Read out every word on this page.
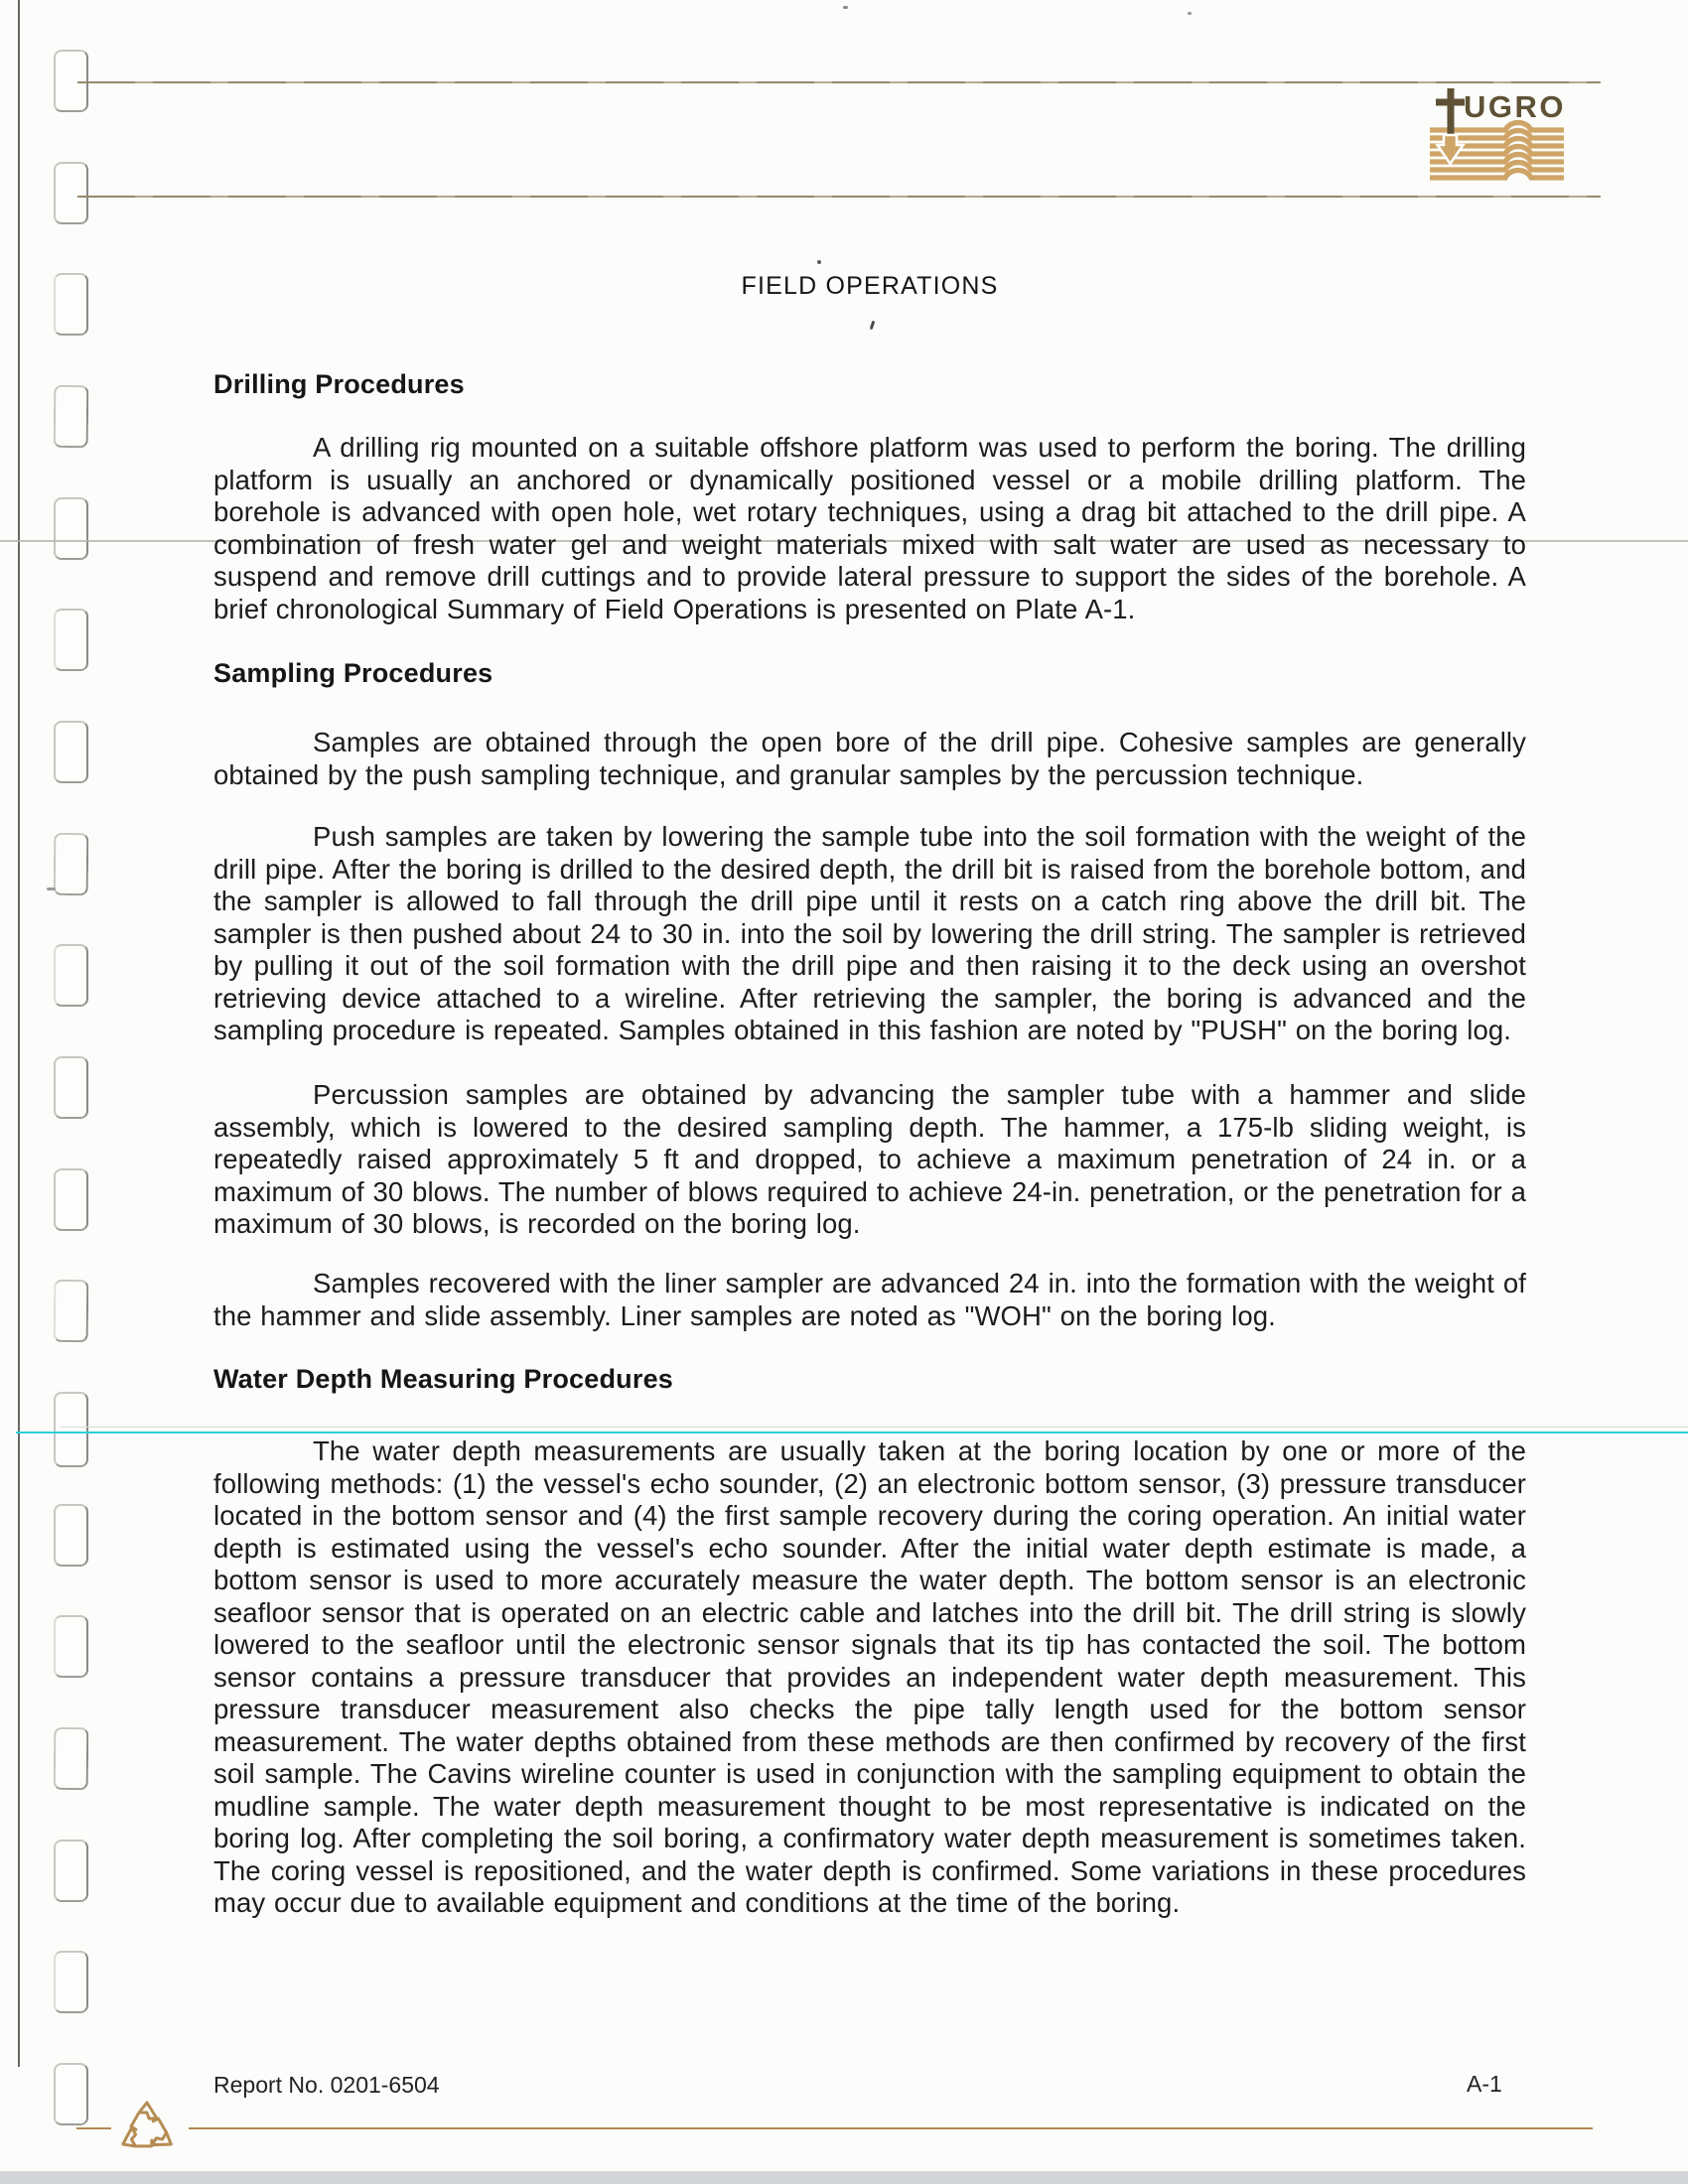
UGRO
FIELD OPERATIONS
Drilling Procedures
A drilling rig mounted on a suitable offshore platform was used to perform the boring. The drilling platform is usually an anchored or dynamically positioned vessel or a mobile drilling platform. The borehole is advanced with open hole, wet rotary techniques, using a drag bit attached to the drill pipe. A combination of fresh water gel and weight materials mixed with salt water are used as necessary to suspend and remove drill cuttings and to provide lateral pressure to support the sides of the borehole. A brief chronological Summary of Field Operations is presented on Plate A-1.
Sampling Procedures
Samples are obtained through the open bore of the drill pipe. Cohesive samples are generally obtained by the push sampling technique, and granular samples by the percussion technique.
Push samples are taken by lowering the sample tube into the soil formation with the weight of the drill pipe. After the boring is drilled to the desired depth, the drill bit is raised from the borehole bottom, and the sampler is allowed to fall through the drill pipe until it rests on a catch ring above the drill bit. The sampler is then pushed about 24 to 30 in. into the soil by lowering the drill string. The sampler is retrieved by pulling it out of the soil formation with the drill pipe and then raising it to the deck using an overshot retrieving device attached to a wireline. After retrieving the sampler, the boring is advanced and the sampling procedure is repeated. Samples obtained in this fashion are noted by "PUSH" on the boring log.
Percussion samples are obtained by advancing the sampler tube with a hammer and slide assembly, which is lowered to the desired sampling depth. The hammer, a 175-lb sliding weight, is repeatedly raised approximately 5 ft and dropped, to achieve a maximum penetration of 24 in. or a maximum of 30 blows. The number of blows required to achieve 24-in. penetration, or the penetration for a maximum of 30 blows, is recorded on the boring log.
Samples recovered with the liner sampler are advanced 24 in. into the formation with the weight of the hammer and slide assembly. Liner samples are noted as "WOH" on the boring log.
Water Depth Measuring Procedures
The water depth measurements are usually taken at the boring location by one or more of the following methods: (1) the vessel's echo sounder, (2) an electronic bottom sensor, (3) pressure transducer located in the bottom sensor and (4) the first sample recovery during the coring operation. An initial water depth is estimated using the vessel's echo sounder. After the initial water depth estimate is made, a bottom sensor is used to more accurately measure the water depth. The bottom sensor is an electronic seafloor sensor that is operated on an electric cable and latches into the drill bit. The drill string is slowly lowered to the seafloor until the electronic sensor signals that its tip has contacted the soil. The bottom sensor contains a pressure transducer that provides an independent water depth measurement. This pressure transducer measurement also checks the pipe tally length used for the bottom sensor measurement. The water depths obtained from these methods are then confirmed by recovery of the first soil sample. The Cavins wireline counter is used in conjunction with the sampling equipment to obtain the mudline sample. The water depth measurement thought to be most representative is indicated on the boring log. After completing the soil boring, a confirmatory water depth measurement is sometimes taken. The coring vessel is repositioned, and the water depth is confirmed. Some variations in these procedures may occur due to available equipment and conditions at the time of the boring.
Report No. 0201-6504	A-1
